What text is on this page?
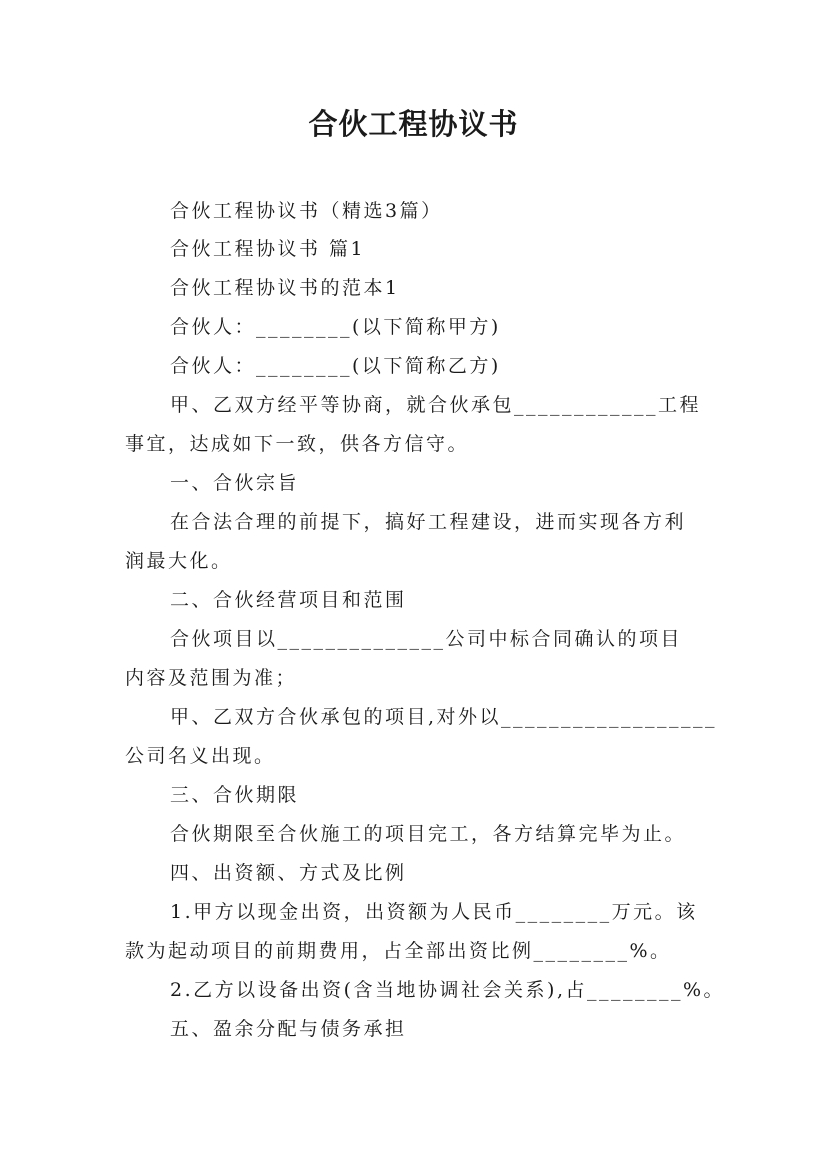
合伙工程协议书
合伙工程协议书（精选3篇）
合伙工程协议书 篇1
合伙工程协议书的范本1
合伙人：________(以下简称甲方)
合伙人：________(以下简称乙方)
甲、乙双方经平等协商，就合伙承包____________工程
事宜，达成如下一致，供各方信守。
一、合伙宗旨
在合法合理的前提下，搞好工程建设，进而实现各方利
润最大化。
二、合伙经营项目和范围
合伙项目以______________公司中标合同确认的项目
内容及范围为准；
甲、乙双方合伙承包的项目,对外以__________________
公司名义出现。
三、合伙期限
合伙期限至合伙施工的项目完工，各方结算完毕为止。
四、出资额、方式及比例
1.甲方以现金出资，出资额为人民币________万元。该
款为起动项目的前期费用，占全部出资比例________%。
2.乙方以设备出资(含当地协调社会关系),占________%。
五、盈余分配与债务承担
